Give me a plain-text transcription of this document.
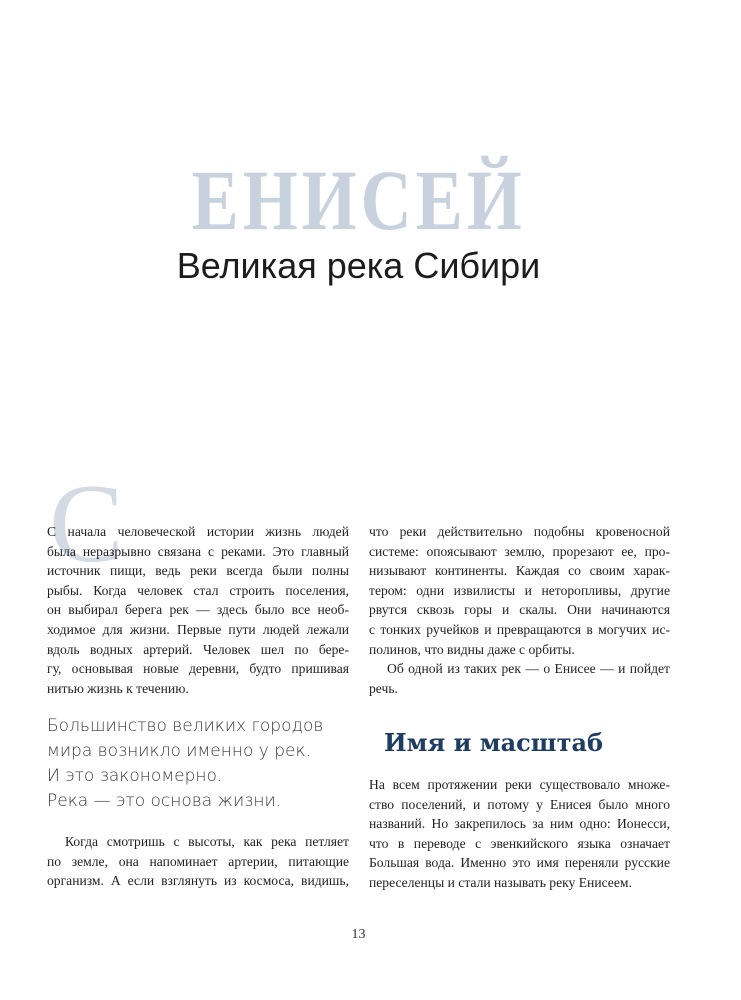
ЕНИСЕЙ
Великая река Сибири
С
С начала человеческой истории жизнь людей
была неразрывно связана с реками. Это главный
источник пищи, ведь реки всегда были полны
рыбы. Когда человек стал строить поселения,
он выбирал берега рек — здесь было все необ-
ходимое для жизни. Первые пути людей лежали
вдоль водных артерий. Человек шел по бере-
гу, основывая новые деревни, будто пришивая
нитью жизнь к течению.
Большинство великих городов
мира возникло именно у рек.
И это закономерно.
Река — это основа жизни.
Когда смотришь с высоты, как река петляет
по земле, она напоминает артерии, питающие
организм. А если взглянуть из космоса, видишь,
что реки действительно подобны кровеносной
системе: опоясывают землю, прорезают ее, про-
низывают континенты. Каждая со своим харак-
тером: одни извилисты и неторопливы, другие
рвутся сквозь горы и скалы. Они начинаются
с тонких ручейков и превращаются в могучих ис-
полинов, что видны даже с орбиты.
Об одной из таких рек — о Енисее — и пойдет
речь.
Имя и масштаб
На всем протяжении реки существовало множе-
ство поселений, и потому у Енисея было много
названий. Но закрепилось за ним одно: Ионесси,
что в переводе с эвенкийского языка означает
Большая вода. Именно это имя переняли русские
переселенцы и стали называть реку Енисеем.
13
